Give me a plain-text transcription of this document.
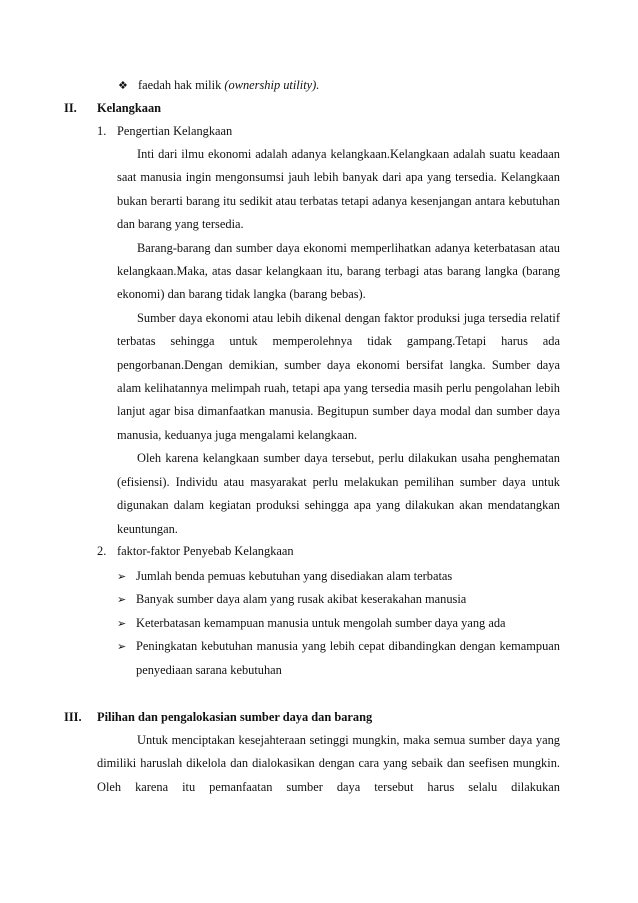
❖ faedah hak milik (ownership utility).
II. Kelangkaan
1. Pengertian Kelangkaan

Inti dari ilmu ekonomi adalah adanya kelangkaan.Kelangkaan adalah suatu keadaan saat manusia ingin mengonsumsi jauh lebih banyak dari apa yang tersedia. Kelangkaan bukan berarti barang itu sedikit atau terbatas tetapi adanya kesenjangan antara kebutuhan dan barang yang tersedia.

Barang-barang dan sumber daya ekonomi memperlihatkan adanya keterbatasan atau kelangkaan.Maka, atas dasar kelangkaan itu, barang terbagi atas barang langka (barang ekonomi) dan barang tidak langka (barang bebas).

Sumber daya ekonomi atau lebih dikenal dengan faktor produksi juga tersedia relatif terbatas sehingga untuk memperolehnya tidak gampang.Tetapi harus ada pengorbanan.Dengan demikian, sumber daya ekonomi bersifat langka. Sumber daya alam kelihatannya melimpah ruah, tetapi apa yang tersedia masih perlu pengolahan lebih lanjut agar bisa dimanfaatkan manusia. Begitupun sumber daya modal dan sumber daya manusia, keduanya juga mengalami kelangkaan.

Oleh karena kelangkaan sumber daya tersebut, perlu dilakukan usaha penghematan (efisiensi). Individu atau masyarakat perlu melakukan pemilihan sumber daya untuk digunakan dalam kegiatan produksi sehingga apa yang dilakukan akan mendatangkan keuntungan.

2. faktor-faktor Penyebab Kelangkaan
➢ Jumlah benda pemuas kebutuhan yang disediakan alam terbatas
➢ Banyak sumber daya alam yang rusak akibat keserakahan manusia
➢ Keterbatasan kemampuan manusia untuk mengolah sumber daya yang ada
➢ Peningkatan kebutuhan manusia yang lebih cepat dibandingkan dengan kemampuan penyediaan sarana kebutuhan
III. Pilihan dan pengalokasian sumber daya dan barang

Untuk menciptakan kesejahteraan setinggi mungkin, maka semua sumber daya yang dimiliki haruslah dikelola dan dialokasikan dengan cara yang sebaik dan seefisen mungkin. Oleh karena itu pemanfaatan sumber daya tersebut harus selalu dilakukan
